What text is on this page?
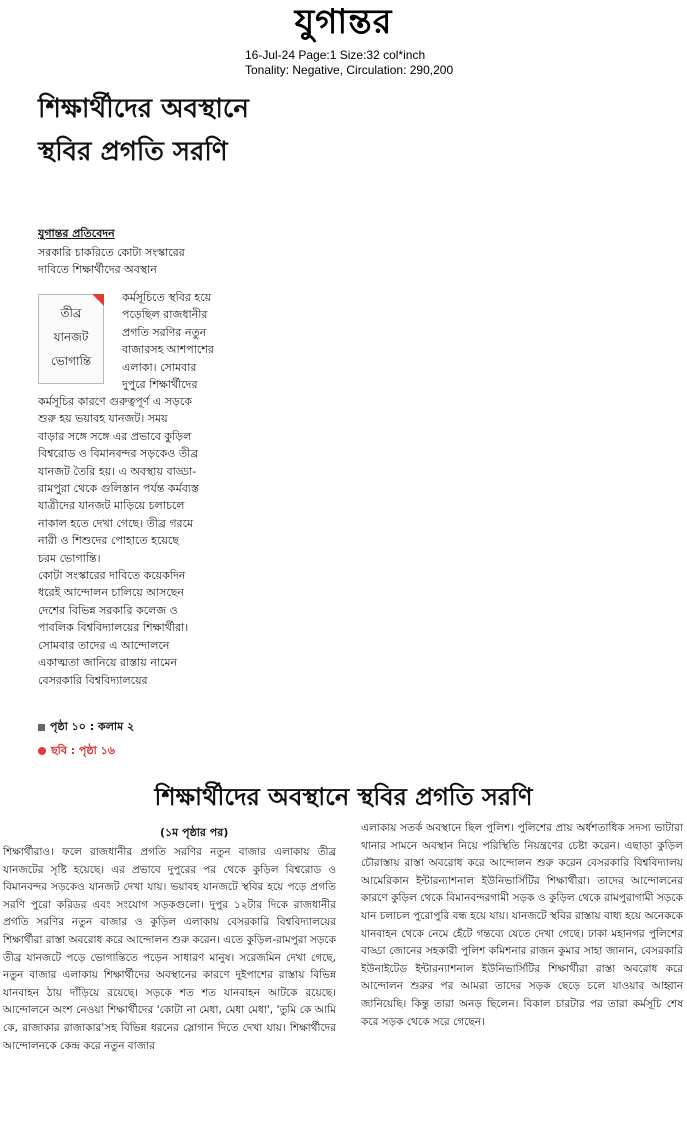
যুগান্তর
16-Jul-24 Page:1 Size:32 col*inch
Tonality: Negative, Circulation: 290,200
শিক্ষার্থীদের অবস্থানে স্থবির প্রগতি সরণি
যুগান্তর প্রতিবেদন
সরকারি চাকরিতে কোটা সংস্কারের
দাবিতে শিক্ষার্থীদের অবস্থান
তীব্র
যানজট
ভোগান্তি
কর্মসূচিতে স্থবির হয়ে
পড়েছিল রাজধানীর
প্রগতি সরণির নতুন
বাজারসহ আশপাশের
এলাকা। সোমবার
দুপুরে শিক্ষার্থীদের
কর্মসূচির কারণে গুরুত্বপূর্ণ এ সড়কে
শুরু হয় ভয়াবহ যানজট। সময়
বাড়ার সঙ্গে সঙ্গে এর প্রভাবে কুড়িল
বিশ্বরোড ও বিমানবন্দর সড়কেও তীব্র
যানজট তৈরি হয়। এ অবস্থায় বাড্ডা-
রামপুরা থেকে গুলিস্তান পর্যন্ত কর্মব্যস্ত
যাত্রীদের যানজট মাড়িয়ে চলাচলে
নাকাল হতে দেখা গেছে। তীব্র গরমে
নারী ও শিশুদের পোহাতে হয়েছে
চরম ভোগান্তি।
কোটা সংস্কারের দাবিতে কয়েকদিন
ধরেই আন্দোলন চালিয়ে আসছেন
দেশের বিভিন্ন সরকারি কলেজ ও
পাবলিক বিশ্ববিদ্যালয়ের শিক্ষার্থীরা।
সোমবার তাদের এ আন্দোলনে
একাত্মতা জানিয়ে রাস্তায় নামেন
বেসরকারি বিশ্ববিদ্যালয়ের
পৃষ্ঠা ১০ : কলাম ২
ছবি : পৃষ্ঠা ১৬
শিক্ষার্থীদের অবস্থানে স্থবির প্রগতি সরণি
(১ম পৃষ্ঠার পর)
শিক্ষার্থীরাও। ফলে রাজধানীর প্রগতি সরণির নতুন বাজার এলাকায় তীব্র যানজটের সৃষ্টি হয়েছে। এর প্রভাবে দুপুরের পর থেকে কুড়িল বিশ্বরোড ও বিমানবন্দর সড়কেও যানজট দেখা যায়। ভয়াবহ যানজটে স্থবির হয়ে পড়ে প্রগতি সরণি পুরো করিডর এবং সংযোগ সড়কগুলো। দুপুর ১২টার দিকে রাজধানীর প্রগতি সরণির নতুন বাজার ও কুড়িল এলাকায় বেসরকারি বিশ্ববিদ্যালয়ের শিক্ষার্থীরা রাস্তা অবরোধ করে আন্দোলন শুরু করেন। এতে কুড়িল-রামপুরা সড়কে তীব্র যানজটে পড়ে ভোগান্তিতে পড়েন সাধারণ মানুষ। সরেজমিন দেখা গেছে, নতুন বাজার এলাকায় শিক্ষার্থীদের অবস্থানের কারণে দুইপাশের রাস্তায় বিভিন্ন যানবাহন ঠায় দাঁড়িয়ে রয়েছে। সড়কে শত শত যানবাহন আটকে রয়েছে। আন্দোলনে অংশ নেওয়া শিক্ষার্থীদের 'কোটা না মেধা, মেধা মেধা', 'তুমি কে আমি কে, রাজাকার রাজাকার'সহ বিভিন্ন ধরনের স্লোগান দিতে দেখা যায়। শিক্ষার্থীদের আন্দোলনকে কেন্দ্র করে নতুন বাজার
এলাকায় সতর্ক অবস্থানে ছিল পুলিশ। পুলিশের প্রায় অর্ধশতাধিক সদস্য ভাটারা থানার সামনে অবস্থান নিয়ে পরিস্থিতি নিয়ন্ত্রণের চেষ্টা করেন। এছাড়া কুড়িল চৌরাস্তায় রাস্তা অবরোধ করে আন্দোলন শুরু করেন বেসরকারি বিশ্ববিদ্যালয় আমেরিকান ইন্টারন্যাশনাল ইউনিভার্সিটির শিক্ষার্থীরা। তাদের আন্দোলনের কারণে কুড়িল থেকে বিমানবন্দরগামী সড়ক ও কুড়িল থেকে রামপুরাগামী সড়কে যান চলাচল পুরোপুরি বন্ধ হয়ে যায়। যানজটে স্থবির রাস্তায় বাধ্য হয়ে অনেককে যানবাহন থেকে নেমে হেঁটে গন্তব্যে যেতে দেখা গেছে। ঢাকা মহানগর পুলিশের বাড্ডা জোনের সহকারী পুলিশ কমিশনার রাজন কুমার সাহা জানান, বেসরকারি ইউনাইটেড ইন্টারন্যাশনাল ইউনিভার্সিটির শিক্ষার্থীরা রাস্তা অবরোধ করে আন্দোলন শুরুর পর আমরা তাদের সড়ক ছেড়ে চলে যাওয়ার আহ্বান জানিয়েছি। কিন্তু তারা অনড় ছিলেন। বিকাল চারটার পর তারা কর্মসূচি শেষ করে সড়ক থেকে সরে গেছেন।
